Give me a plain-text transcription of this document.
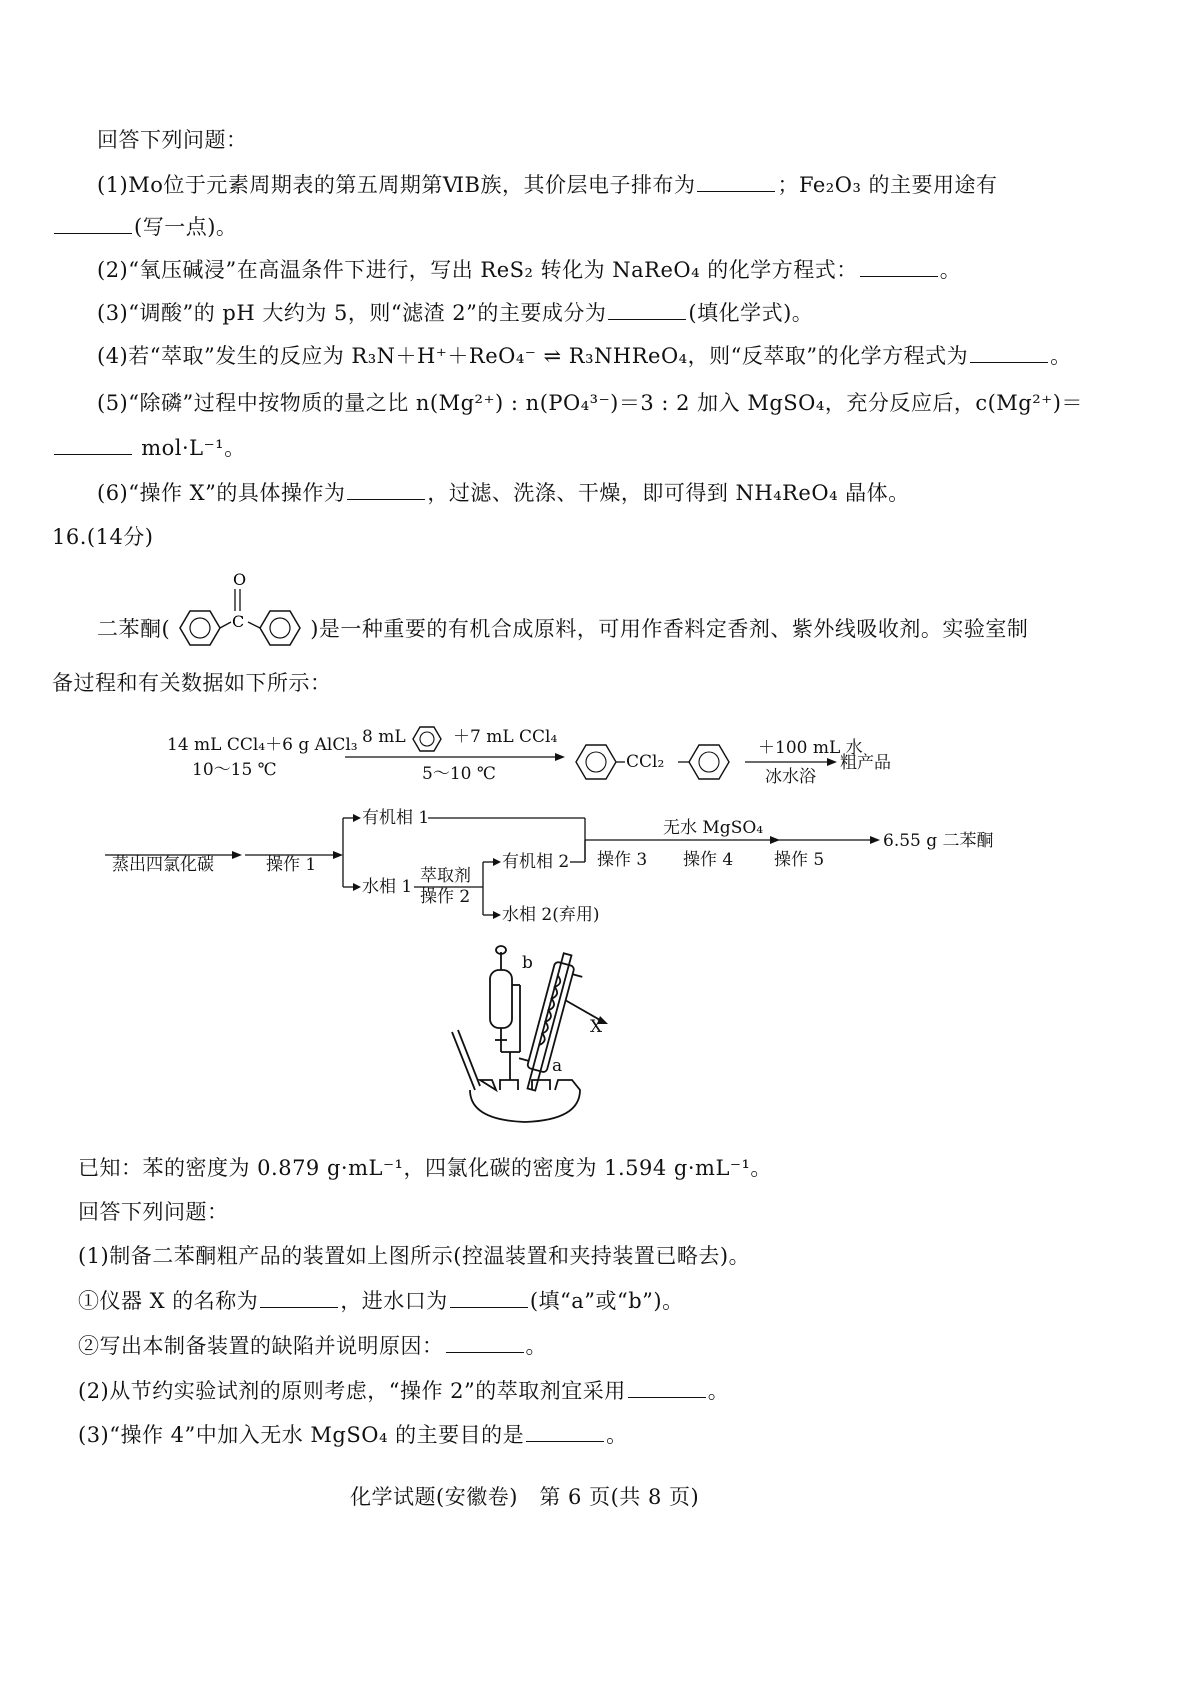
回答下列问题：
(1)Mo位于元素周期表的第五周期第ⅥB族，其价层电子排布为	；Fe₂O₃ 的主要用途有
(写一点)。
(2)“氧压碱浸”在高温条件下进行，写出 ReS₂ 转化为 NaReO₄ 的化学方程式：	。
(3)“调酸”的 pH 大约为 5，则“滤渣 2”的主要成分为	(填化学式)。
(4)若“萃取”发生的反应为 R₃N＋H⁺＋ReO₄⁻ ⇌ R₃NHReO₄，则“反萃取”的化学方程式为	。
(5)“除磷”过程中按物质的量之比 n(Mg²⁺) : n(PO₄³⁻)＝3 : 2 加入 MgSO₄，充分反应后，c(Mg²⁺)＝
mol·L⁻¹。
(6)“操作 X”的具体操作为	，过滤、洗涤、干燥，即可得到 NH₄ReO₄ 晶体。
16.(14分)
O
C
二苯酮(	)是一种重要的有机合成原料，可用作香料定香剂、紫外线吸收剂。实验室制
备过程和有关数据如下所示：
14 mL CCl₄＋6 g AlCl₃
10～15 ℃
8 mL	＋7 mL CCl₄
5～10 ℃
CCl₂
＋100 mL 水
冰水浴
粗产品
蒸出四氯化碳	操作 1
有机相 1
水相 1
萃取剂
操作 2
有机相 2
水相 2(弃用)
操作 3
无水 MgSO₄
操作 4 操作 5
6.55 g 二苯酮
b
X
a
已知：苯的密度为 0.879 g·mL⁻¹，四氯化碳的密度为 1.594 g·mL⁻¹。
回答下列问题：
(1)制备二苯酮粗产品的装置如上图所示(控温装置和夹持装置已略去)。
①仪器 X 的名称为	，进水口为	(填“a”或“b”)。
②写出本制备装置的缺陷并说明原因：	。
(2)从节约实验试剂的原则考虑，“操作 2”的萃取剂宜采用	。
(3)“操作 4”中加入无水 MgSO₄ 的主要目的是	。
化学试题(安徽卷)　第 6 页(共 8 页)
